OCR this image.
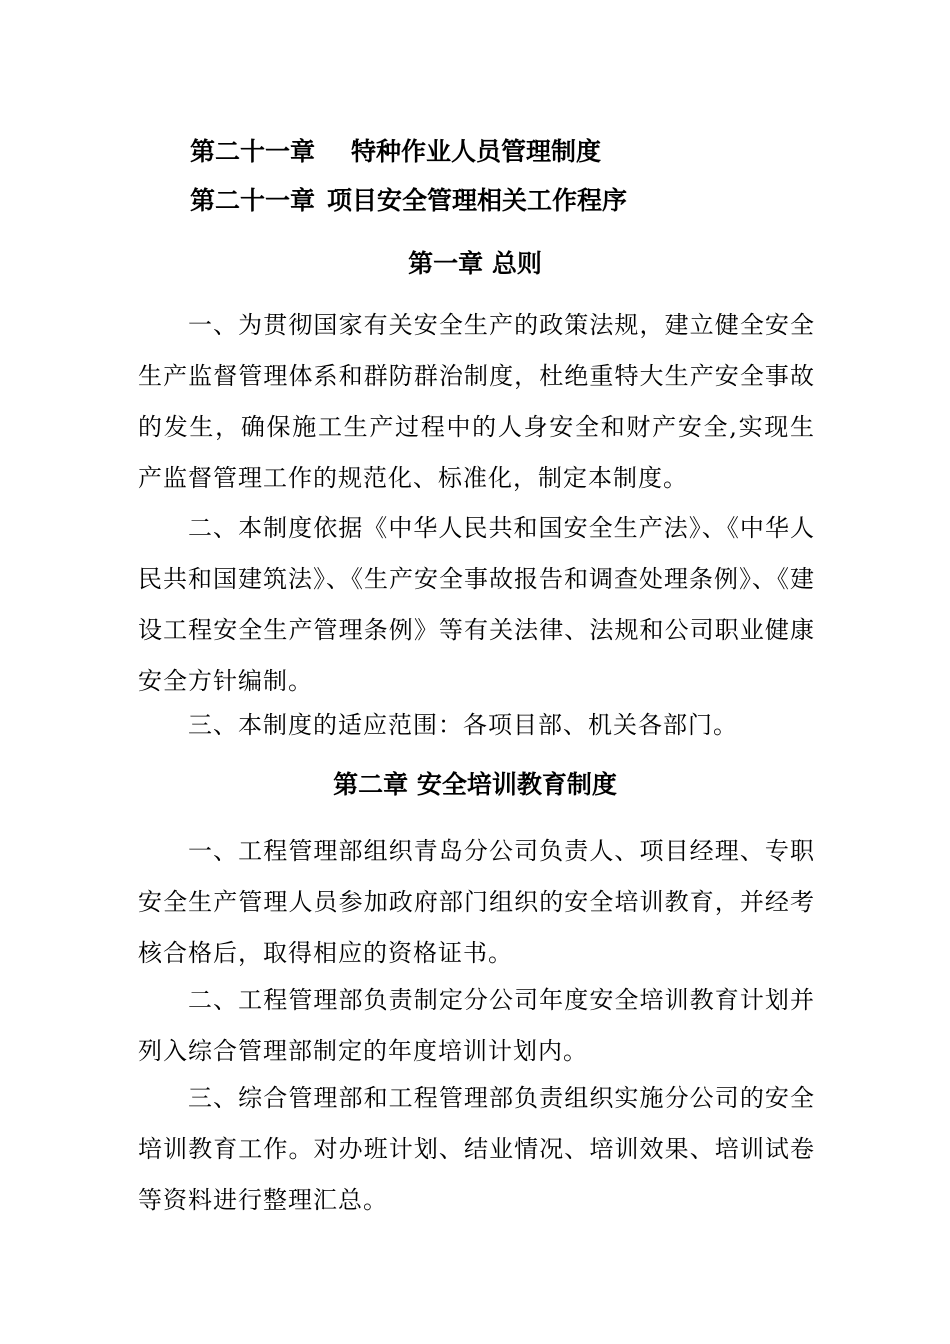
第二十一章 特种作业人员管理制度
第二十一章 项目安全管理相关工作程序
第一章 总则

一、为贯彻国家有关安全生产的政策法规，建立健全安全生产监督管理体系和群防群治制度，杜绝重特大生产安全事故的发生，确保施工生产过程中的人身安全和财产安全,实现生产监督管理工作的规范化、标准化，制定本制度。

二、本制度依据《中华人民共和国安全生产法》、《中华人民共和国建筑法》、《生产安全事故报告和调查处理条例》、《建设工程安全生产管理条例》等有关法律、法规和公司职业健康安全方针编制。

三、本制度的适应范围：各项目部、机关各部门。

第二章 安全培训教育制度

一、工程管理部组织青岛分公司负责人、项目经理、专职安全生产管理人员参加政府部门组织的安全培训教育，并经考核合格后，取得相应的资格证书。

二、工程管理部负责制定分公司年度安全培训教育计划并列入综合管理部制定的年度培训计划内。

三、综合管理部和工程管理部负责组织实施分公司的安全培训教育工作。对办班计划、结业情况、培训效果、培训试卷等资料进行整理汇总。
